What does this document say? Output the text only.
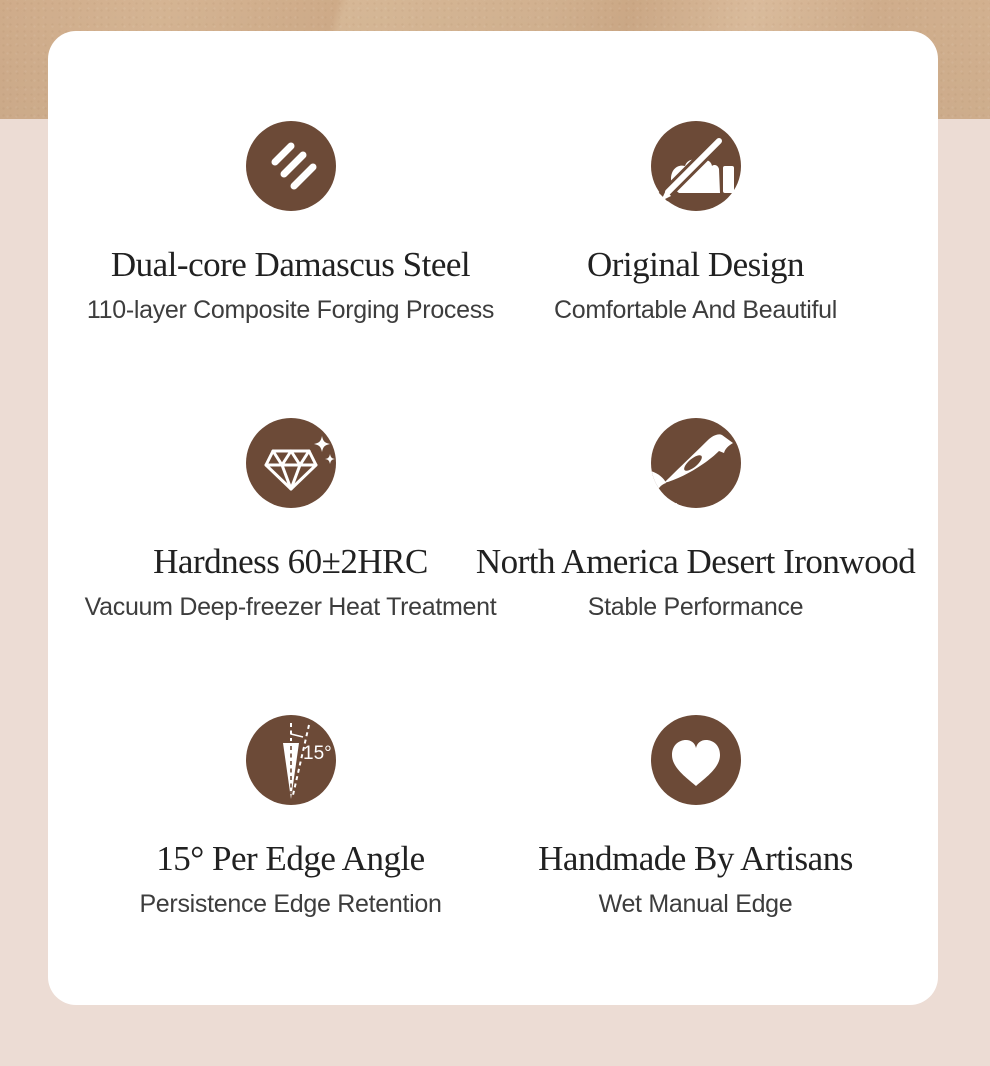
Dual-core Damascus Steel
110-layer Composite Forging Process
Original Design
Comfortable And Beautiful
Hardness 60±2HRC
Vacuum Deep-freezer Heat Treatment
North America Desert Ironwood
Stable Performance
15°
15° Per Edge Angle
Persistence Edge Retention
Handmade By Artisans
Wet Manual Edge
